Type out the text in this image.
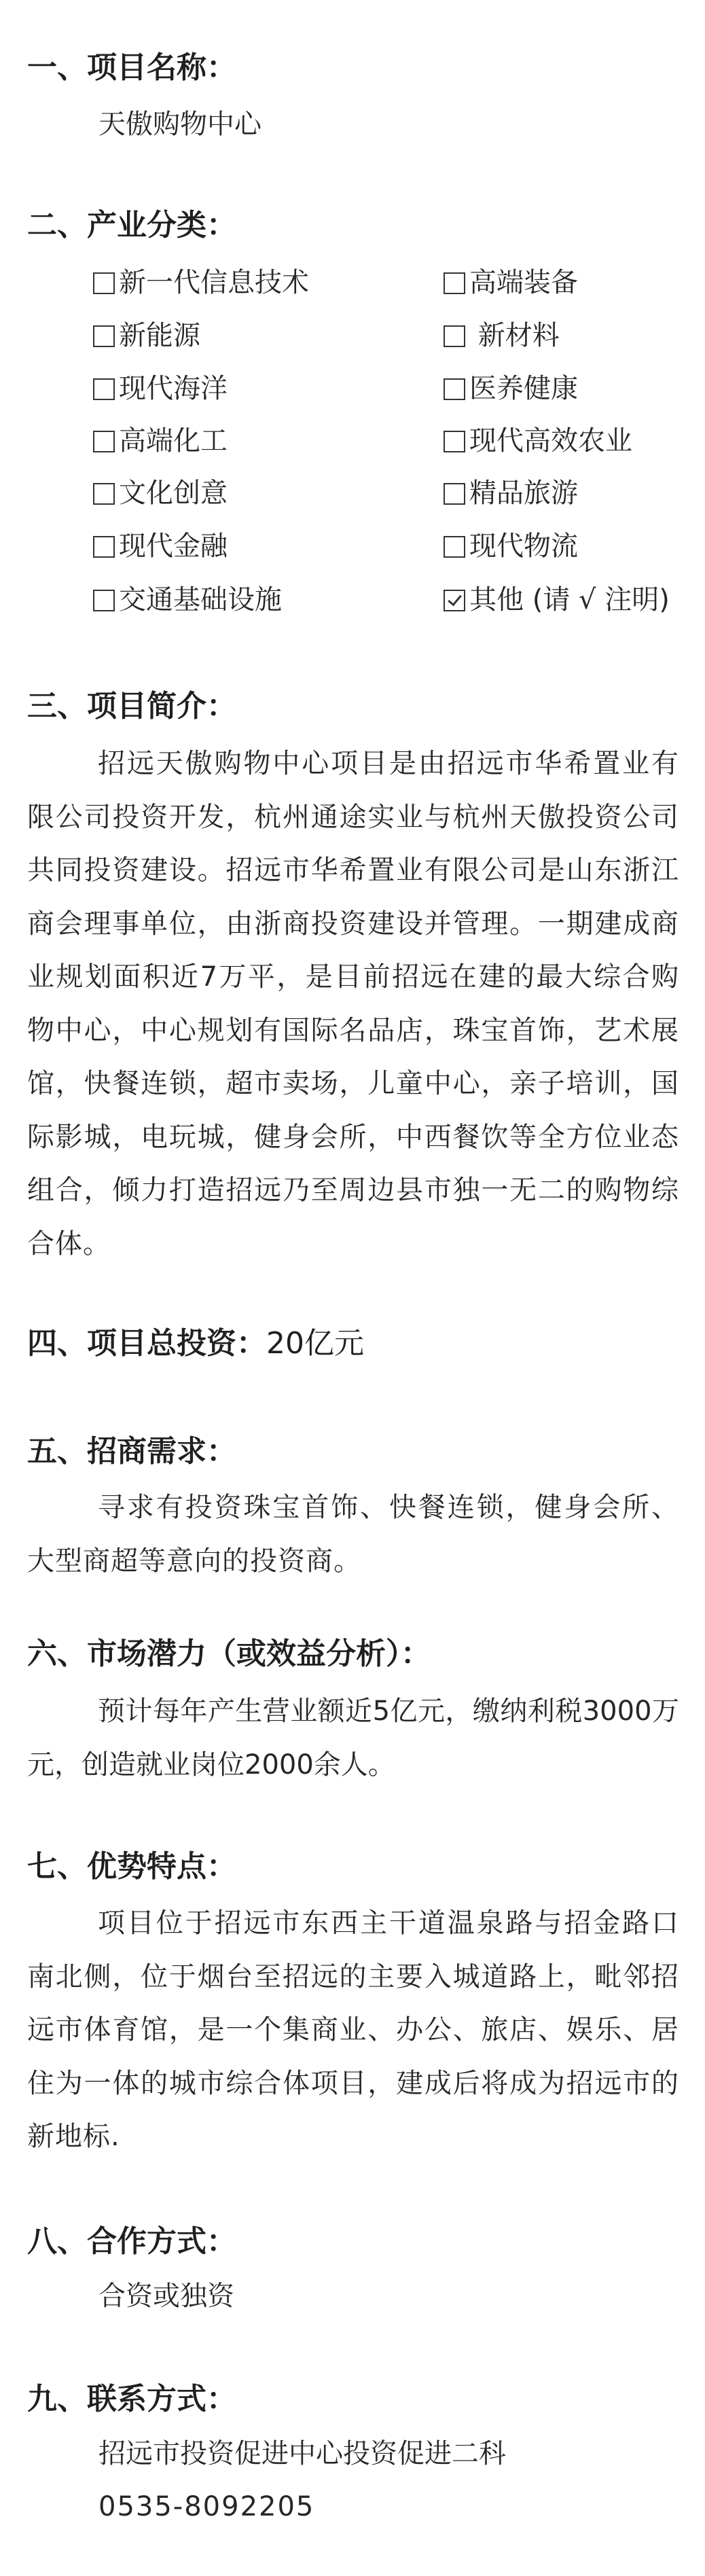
一、项目名称：
天傲购物中心
二、产业分类：
新一代信息技术	高端装备
新能源	新材料
现代海洋	医养健康
高端化工	现代高效农业
文化创意	精品旅游
现代金融	现代物流
交通基础设施	其他 (请 √ 注明)
三、项目简介：
招远天傲购物中心项目是由招远市华希置业有限公司投资开发，杭州通途实业与杭州天傲投资公司共同投资建设。招远市华希置业有限公司是山东浙江商会理事单位，由浙商投资建设并管理。一期建成商业规划面积近7万平，是目前招远在建的最大综合购物中心，中心规划有国际名品店，珠宝首饰，艺术展馆，快餐连锁，超市卖场，儿童中心，亲子培训，国际影城，电玩城，健身会所，中西餐饮等全方位业态组合，倾力打造招远乃至周边县市独一无二的购物综合体。
四、项目总投资：20亿元
五、招商需求：
寻求有投资珠宝首饰、快餐连锁，健身会所、大型商超等意向的投资商。
六、市场潜力（或效益分析）：
预计每年产生营业额近5亿元，缴纳利税3000万元，创造就业岗位2000余人。
七、优势特点：
项目位于招远市东西主干道温泉路与招金路口南北侧，位于烟台至招远的主要入城道路上，毗邻招远市体育馆，是一个集商业、办公、旅店、娱乐、居住为一体的城市综合体项目，建成后将成为招远市的新地标.
八、合作方式：
合资或独资
九、联系方式：
招远市投资促进中心投资促进二科
0535-8092205
